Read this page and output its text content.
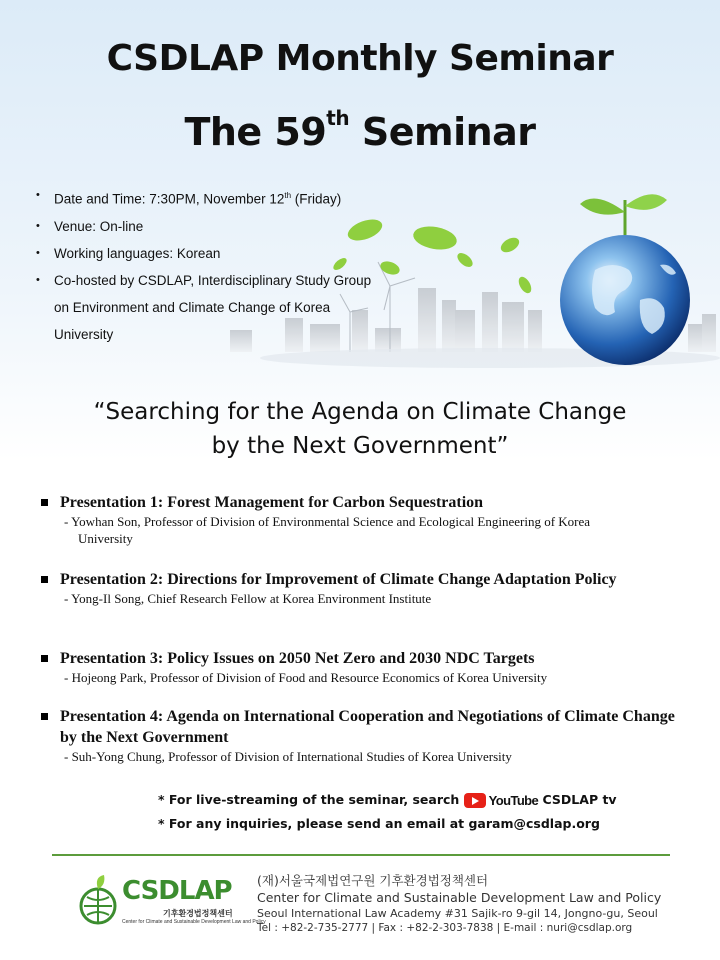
CSDLAP Monthly Seminar
The 59th Seminar
• Date and Time: 7:30PM, November 12th (Friday)
• Venue: On-line
• Working languages: Korean
• Co-hosted by CSDLAP, Interdisciplinary Study Group on Environment and Climate Change of Korea University
“Searching for the Agenda on Climate Change
by the Next Government”
Presentation 1: Forest Management for Carbon Sequestration
- Yowhan Son, Professor of Division of Environmental Science and Ecological Engineering of Korea
University
Presentation 2: Directions for Improvement of Climate Change Adaptation Policy
- Yong-Il Song, Chief Research Fellow at Korea Environment Institute
Presentation 3: Policy Issues on 2050 Net Zero and 2030 NDC Targets
- Hojeong Park, Professor of Division of Food and Resource Economics of Korea University
Presentation 4: Agenda on International Cooperation and Negotiations of Climate Change by the Next Government
- Suh-Yong Chung, Professor of Division of International Studies of Korea University
* For live-streaming of the seminar, search YouTube CSDLAP tv
* For any inquiries, please send an email at garam@csdlap.org
CSDLAP
기후환경법정책센터
Center for Climate and Sustainable Development Law and Policy
(재)서울국제법연구원 기후환경법정책센터
Center for Climate and Sustainable Development Law and Policy
Seoul International Law Academy #31 Sajik-ro 9-gil 14, Jongno-gu, Seoul
Tel : +82-2-735-2777 | Fax : +82-2-303-7838 | E-mail : nuri@csdlap.org
